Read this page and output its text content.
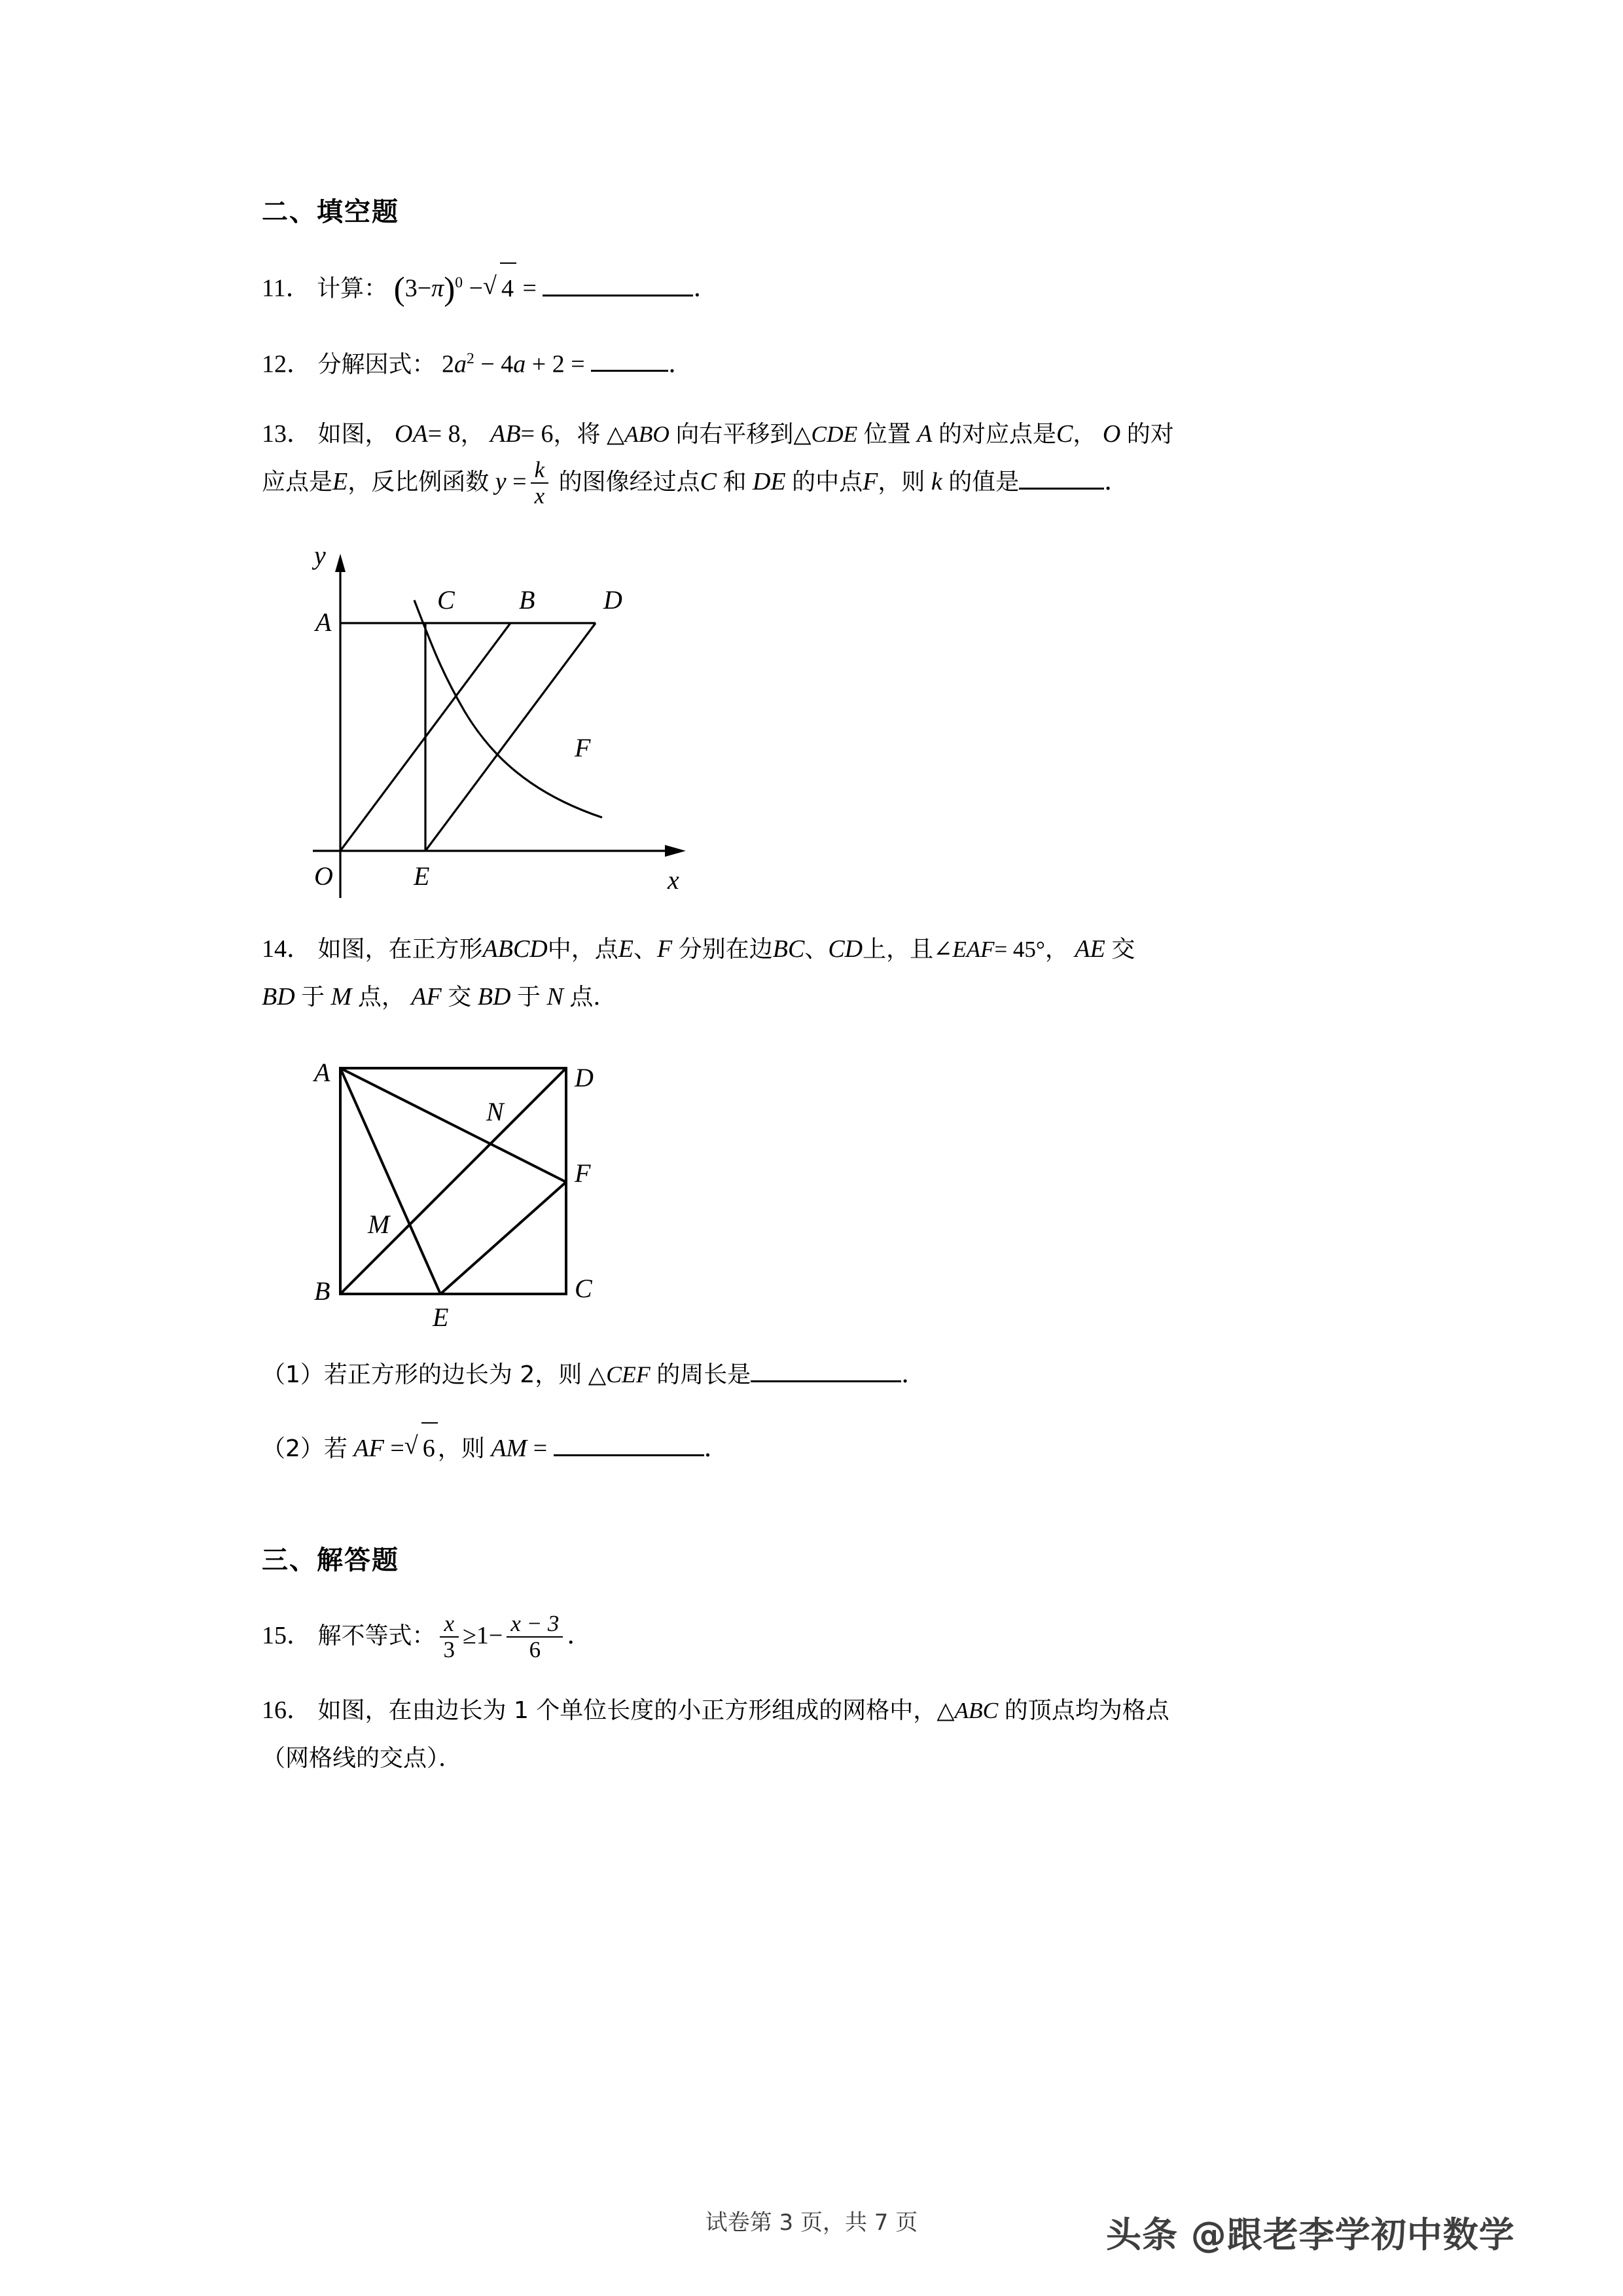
二、填空题
11． 计算： $(3-\pi)^0$ − √ 4 =	．
12． 分解因式： $2a^2 - 4a + 2$ =	．
13． 如图， OA= 8， AB= 6，将 △ABO 向右平移到△CDE 位置 A 的对应点是C， O 的对
应点是E，反比例函数 $y = \frac{k}{x}$ 的图像经过点C 和 DE 的中点F，则 k 的值是	．
A
C B	D
F
O	E
y
x
14． 如图，在正方形ABCD中，点E、F 分别在边BC、CD上，且∠EAF= 45°， AE 交
BD 于 M 点， AF 交 BD 于 N 点．
A	D
C
B
E
F
M
N
（1）若正方形的边长为 2，则 △CEF 的周长是	．
（2）若 AF = √ 6 ，则 AM =	．
三、解答题
15． 解不等式： $\frac{x}{3} \ge 1- \frac{x - 3}{6}$ ．
16． 如图，在由边长为 1 个单位长度的小正方形组成的网格中，△ABC 的顶点均为格点
（网格线的交点）．
试卷第 3 页，共 7 页	头条 @跟老李学初中数学
